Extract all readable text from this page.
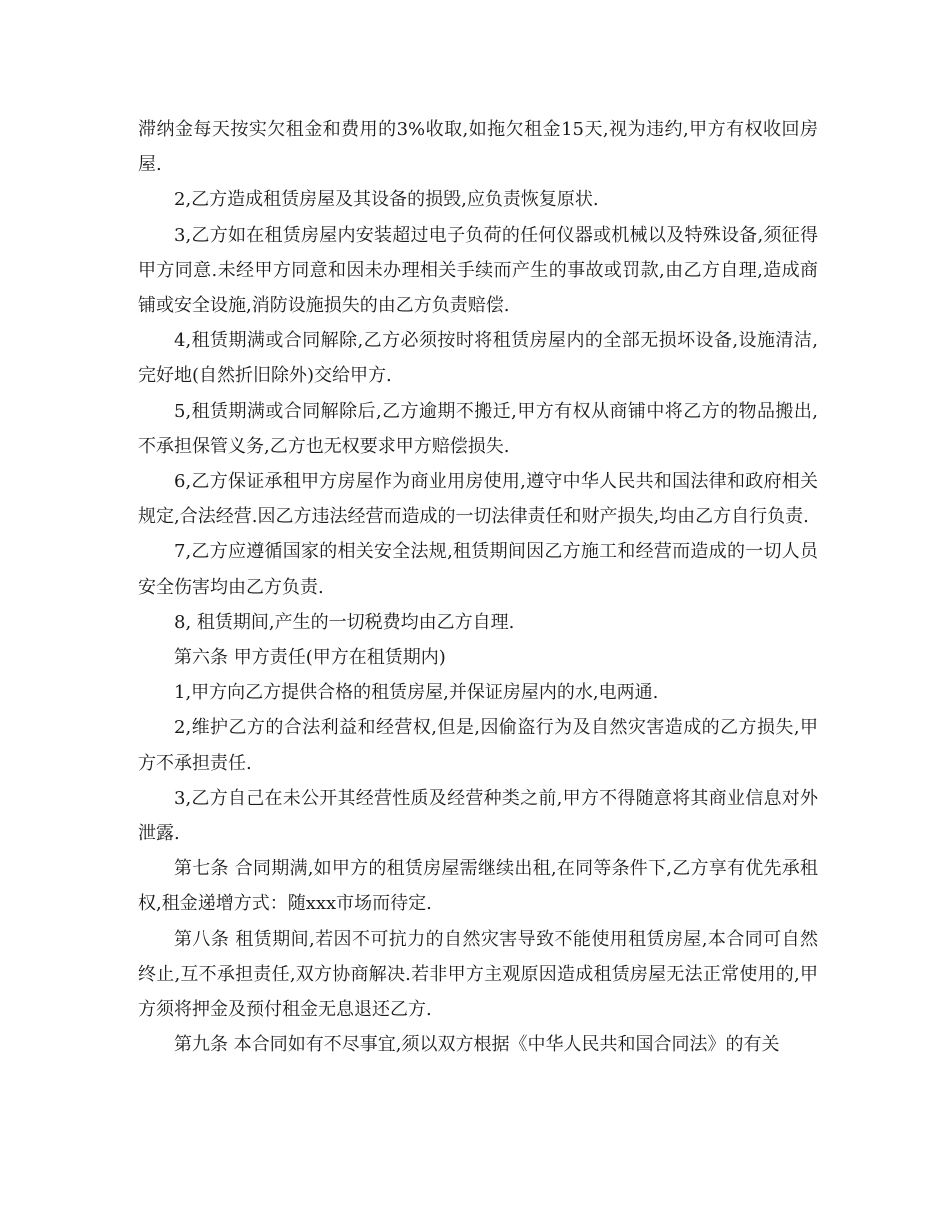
滞纳金每天按实欠租金和费用的3%收取,如拖欠租金15天,视为违约,甲方有权收回房屋.

2,乙方造成租赁房屋及其设备的损毁,应负责恢复原状.

3,乙方如在租赁房屋内安装超过电子负荷的任何仪器或机械以及特殊设备,须征得甲方同意.未经甲方同意和因未办理相关手续而产生的事故或罚款,由乙方自理,造成商铺或安全设施,消防设施损失的由乙方负责赔偿.

4,租赁期满或合同解除,乙方必须按时将租赁房屋内的全部无损坏设备,设施清洁,完好地(自然折旧除外)交给甲方.

5,租赁期满或合同解除后,乙方逾期不搬迁,甲方有权从商铺中将乙方的物品搬出,不承担保管义务,乙方也无权要求甲方赔偿损失.

6,乙方保证承租甲方房屋作为商业用房使用,遵守中华人民共和国法律和政府相关规定,合法经营.因乙方违法经营而造成的一切法律责任和财产损失,均由乙方自行负责.

7,乙方应遵循国家的相关安全法规,租赁期间因乙方施工和经营而造成的一切人员安全伤害均由乙方负责.

8, 租赁期间,产生的一切税费均由乙方自理.

第六条 甲方责任(甲方在租赁期内)

1,甲方向乙方提供合格的租赁房屋,并保证房屋内的水,电两通.

2,维护乙方的合法利益和经营权,但是,因偷盗行为及自然灾害造成的乙方损失,甲方不承担责任.

3,乙方自己在未公开其经营性质及经营种类之前,甲方不得随意将其商业信息对外泄露.

第七条 合同期满,如甲方的租赁房屋需继续出租,在同等条件下,乙方享有优先承租权,租金递增方式：随xxx市场而待定.

第八条 租赁期间,若因不可抗力的自然灾害导致不能使用租赁房屋,本合同可自然终止,互不承担责任,双方协商解决.若非甲方主观原因造成租赁房屋无法正常使用的,甲方须将押金及预付租金无息退还乙方.

第九条 本合同如有不尽事宜,须以双方根据《中华人民共和国合同法》的有关
